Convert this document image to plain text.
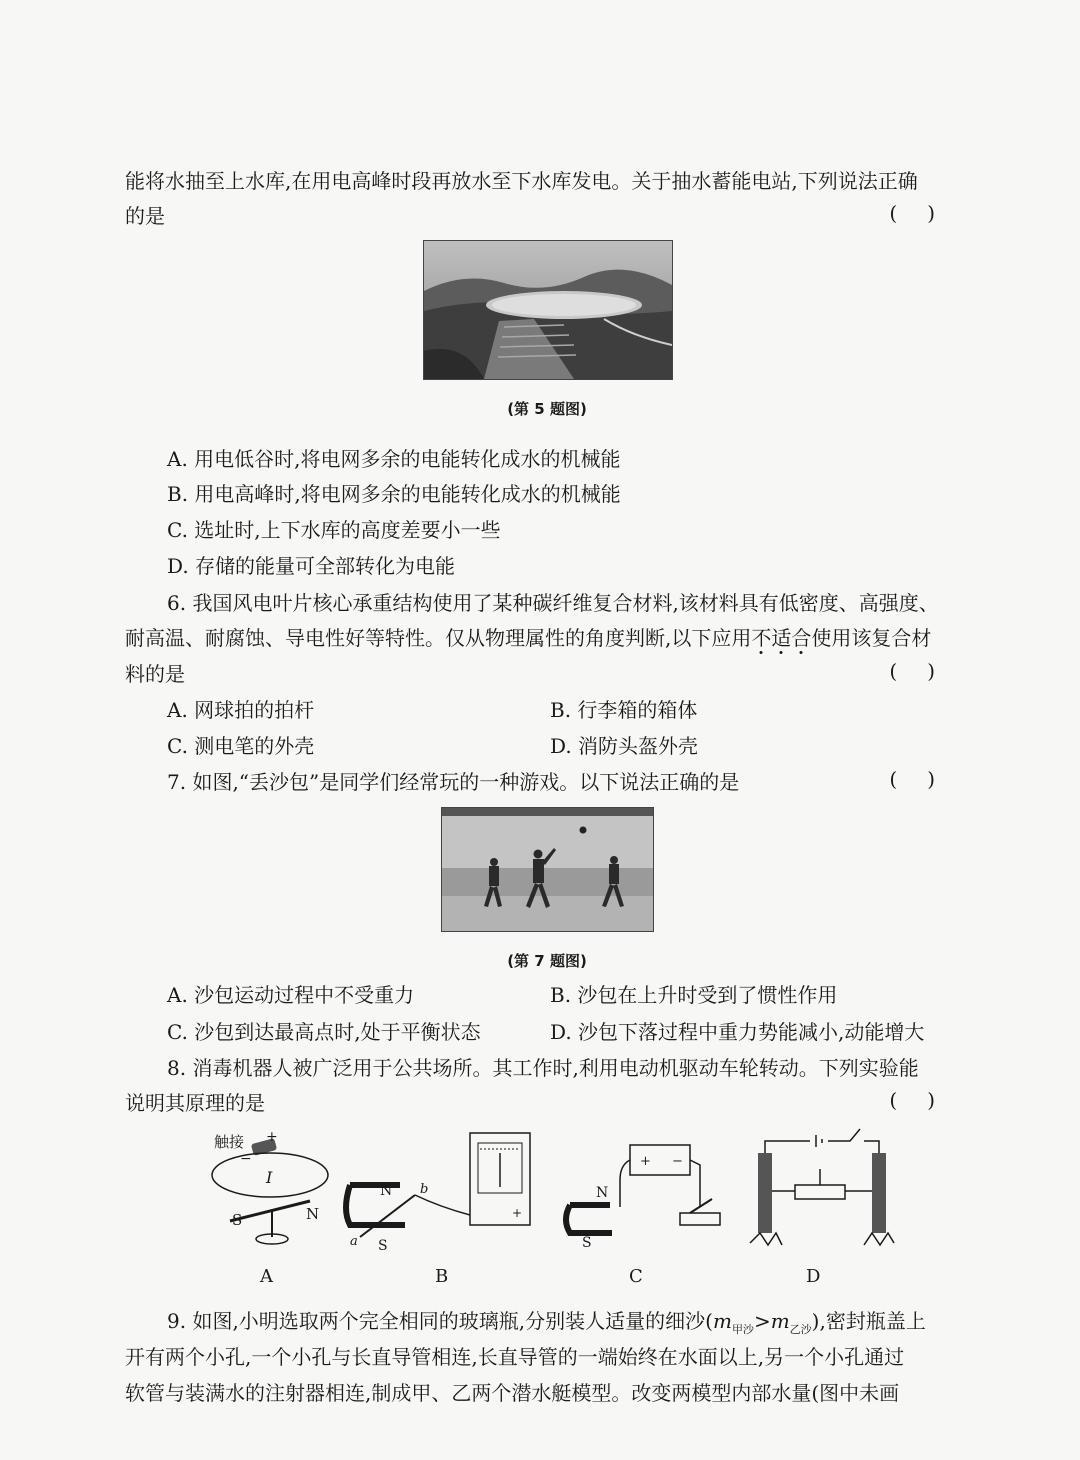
能将水抽至上水库,在用电高峰时段再放水至下水库发电。关于抽水蓄能电站,下列说法正确
的是	()
(第 5 题图)
A. 用电低谷时,将电网多余的电能转化成水的机械能
B. 用电高峰时,将电网多余的电能转化成水的机械能
C. 选址时,上下水库的高度差要小一些
D. 存储的能量可全部转化为电能
6. 我国风电叶片核心承重结构使用了某种碳纤维复合材料,该材料具有低密度、高强度、
耐高温、耐腐蚀、导电性好等特性。仅从物理属性的角度判断,以下应用不适合使用该复合材
料的是	()
A. 网球拍的拍杆	B. 行李箱的箱体
C. 测电笔的外壳	D. 消防头盔外壳
7. 如图,“丢沙包”是同学们经常玩的一种游戏。以下说法正确的是	()
(第 7 题图)
A. 沙包运动过程中不受重力	B. 沙包在上升时受到了惯性作用
C. 沙包到达最高点时,处于平衡状态	D. 沙包下落过程中重力势能减小,动能增大
8. 消毒机器人被广泛用于公共场所。其工作时,利用电动机驱动车轮转动。下列实验能
说明其原理的是	()
触接 +
−
I
S	N
N
S
a
b
+
+ −
N
S
A	B	C	D
9. 如图,小明选取两个完全相同的玻璃瓶,分别装人适量的细沙$(m_{甲沙}>m_{乙沙})$,密封瓶盖上
开有两个小孔,一个小孔与长直导管相连,长直导管的一端始终在水面以上,另一个小孔通过
软管与装满水的注射器相连,制成甲、乙两个潜水艇模型。改变两模型内部水量(图中未画
